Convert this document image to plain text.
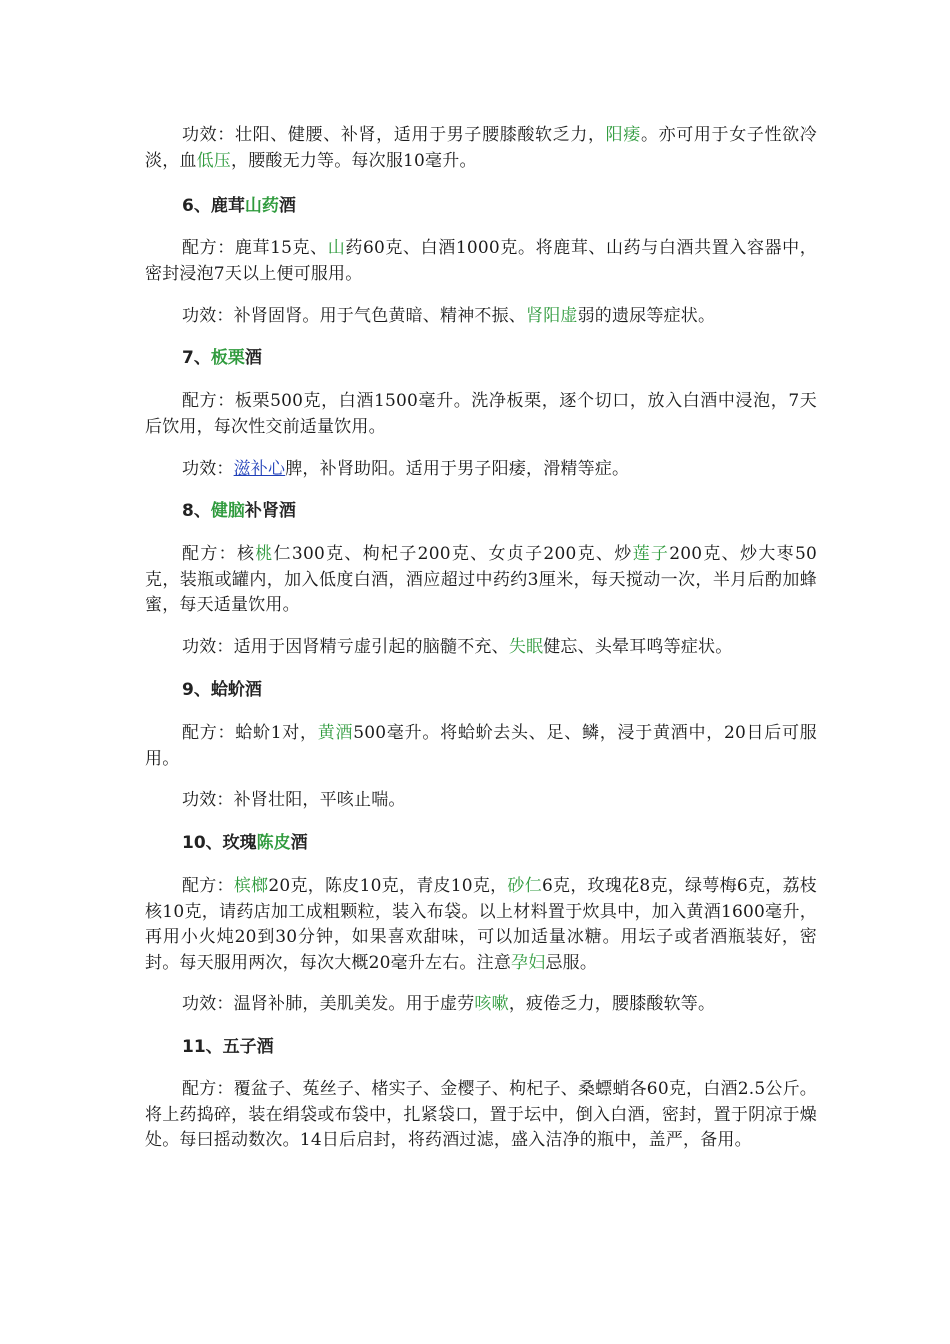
功效：壮阳、健腰、补肾，适用于男子腰膝酸软乏力，阳痿。亦可用于女子性欲冷淡，血低压，腰酸无力等。每次服10毫升。

6、鹿茸山药酒

配方：鹿茸15克、山药60克、白酒1000克。将鹿茸、山药与白酒共置入容器中，密封浸泡7天以上便可服用。

功效：补肾固肾。用于气色黄暗、精神不振、肾阳虚弱的遗尿等症状。

7、板栗酒

配方：板栗500克，白酒1500毫升。洗净板栗，逐个切口，放入白酒中浸泡，7天后饮用，每次性交前适量饮用。

功效：滋补心脾，补肾助阳。适用于男子阳痿，滑精等症。

8、健脑补肾酒

配方：核桃仁300克、枸杞子200克、女贞子200克、炒莲子200克、炒大枣50克，装瓶或罐内，加入低度白酒，酒应超过中药约3厘米，每天搅动一次，半月后酌加蜂蜜，每天适量饮用。

功效：适用于因肾精亏虚引起的脑髓不充、失眠健忘、头晕耳鸣等症状。

9、蛤蚧酒

配方：蛤蚧1对，黄酒500毫升。将蛤蚧去头、足、鳞，浸于黄酒中，20日后可服用。

功效：补肾壮阳，平咳止喘。

10、玫瑰陈皮酒

配方：槟榔20克，陈皮10克，青皮10克，砂仁6克，玫瑰花8克，绿萼梅6克，荔枝核10克，请药店加工成粗颗粒，装入布袋。以上材料置于炊具中，加入黄酒1600毫升，再用小火炖20到30分钟，如果喜欢甜味，可以加适量冰糖。用坛子或者酒瓶装好，密封。每天服用两次，每次大概20毫升左右。注意孕妇忌服。

功效：温肾补肺，美肌美发。用于虚劳咳嗽，疲倦乏力，腰膝酸软等。

11、五子酒

配方：覆盆子、菟丝子、楮实子、金樱子、枸杞子、桑螵蛸各60克，白酒2.5公斤。将上药捣碎，装在绢袋或布袋中，扎紧袋口，置于坛中，倒入白酒，密封，置于阴凉于燥处。每曰摇动数次。14日后启封，将药酒过滤，盛入洁净的瓶中，盖严，备用。
